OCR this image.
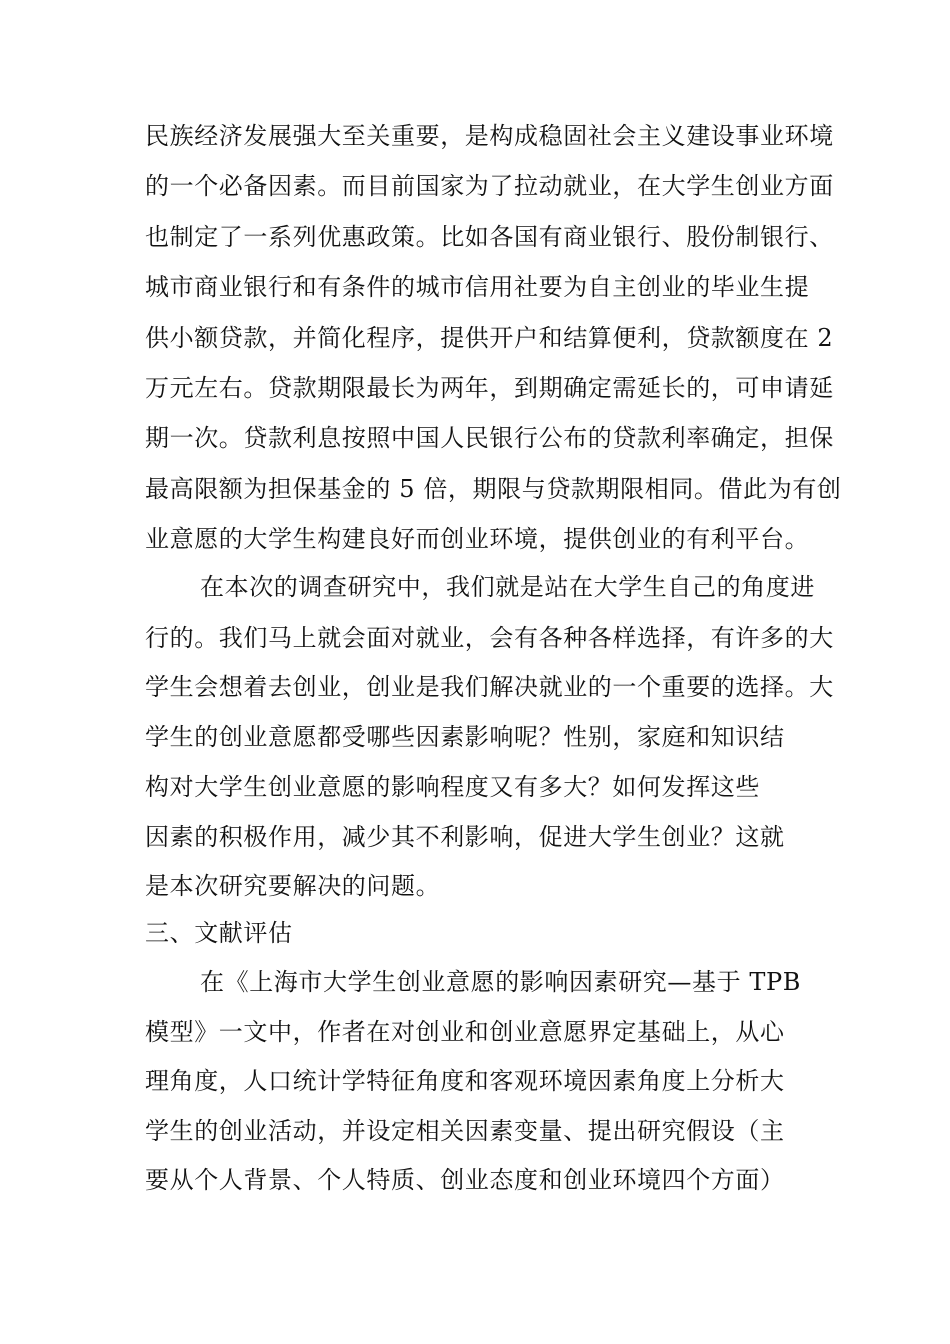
民族经济发展强大至关重要，是构成稳固社会主义建设事业环境
的一个必备因素。而目前国家为了拉动就业，在大学生创业方面
也制定了一系列优惠政策。比如各国有商业银行、股份制银行、
城市商业银行和有条件的城市信用社要为自主创业的毕业生提
供小额贷款，并简化程序，提供开户和结算便利，贷款额度在 2
万元左右。贷款期限最长为两年，到期确定需延长的，可申请延
期一次。贷款利息按照中国人民银行公布的贷款利率确定，担保
最高限额为担保基金的 5 倍，期限与贷款期限相同。借此为有创
业意愿的大学生构建良好而创业环境，提供创业的有利平台。
在本次的调查研究中，我们就是站在大学生自己的角度进
行的。我们马上就会面对就业，会有各种各样选择，有许多的大
学生会想着去创业，创业是我们解决就业的一个重要的选择。大
学生的创业意愿都受哪些因素影响呢？性别，家庭和知识结
构对大学生创业意愿的影响程度又有多大？如何发挥这些
因素的积极作用，减少其不利影响，促进大学生创业？这就
是本次研究要解决的问题。
三、文献评估
在《上海市大学生创业意愿的影响因素研究—基于 TPB
模型》一文中，作者在对创业和创业意愿界定基础上，从心
理角度，人口统计学特征角度和客观环境因素角度上分析大
学生的创业活动，并设定相关因素变量、提出研究假设（主
要从个人背景、个人特质、创业态度和创业环境四个方面）
